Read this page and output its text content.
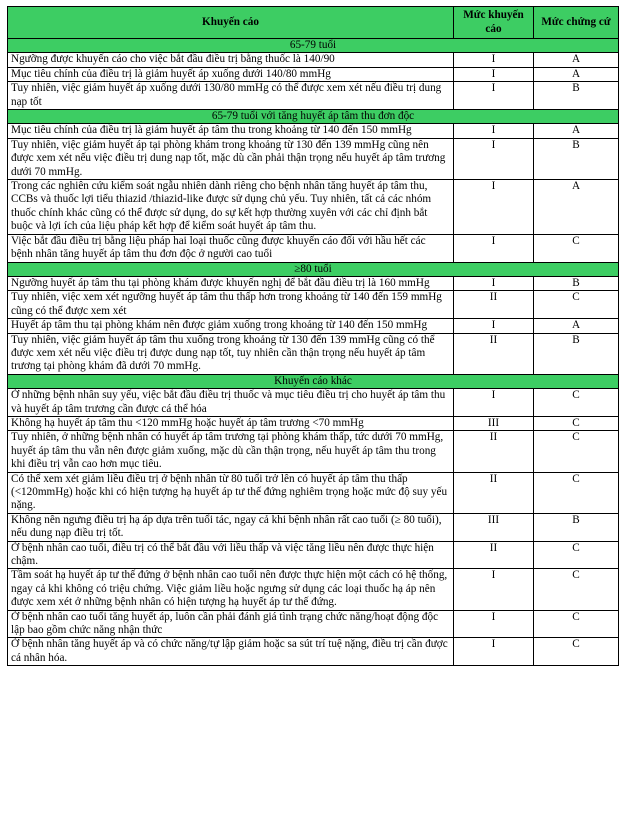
Khuyến cáo	Mức khuyến cáo	Mức chứng cứ
65-79 tuổi		
Ngưỡng được khuyến cáo cho việc bắt đầu điều trị bằng thuốc là 140/90	I	A
Mục tiêu chính của điều trị là giảm huyết áp xuống dưới 140/80 mmHg	I	A
Tuy nhiên, việc giảm huyết áp xuống dưới 130/80 mmHg có thể được xem xét nếu điều trị dung nạp tốt	I	B
65-79 tuổi với tăng huyết áp tâm thu đơn độc		
Mục tiêu chính của điều trị là giảm huyết áp tâm thu trong khoảng từ 140 đến 150 mmHg	I	A
Tuy nhiên, việc giảm huyết áp tại phòng khám trong khoảng từ 130 đến 139 mmHg cũng nên được xem xét nếu việc điều trị dung nạp tốt, mặc dù cần phải thận trọng nếu huyết áp tâm trương dưới 70 mmHg.	I	B
Trong các nghiên cứu kiểm soát ngẫu nhiên dành riêng cho bệnh nhân tăng huyết áp tâm thu, CCBs và thuốc lợi tiểu thiazid /thiazid-like được sử dụng chủ yếu. Tuy nhiên, tất cả các nhóm thuốc chính khác cũng có thể được sử dụng, do sự kết hợp thường xuyên với các chỉ định bắt buộc và lợi ích của liệu pháp kết hợp để kiểm soát huyết áp tâm thu.	I	A
Việc bắt đầu điều trị bằng liệu pháp hai loại thuốc cũng được khuyến cáo đối với hầu hết các bệnh nhân tăng huyết áp tâm thu đơn độc ở người cao tuổi	I	C
≥80 tuổi		
Ngưỡng huyết áp tâm thu tại phòng khám được khuyến nghị để bắt đầu điều trị là 160 mmHg	I	B
Tuy nhiên, việc xem xét ngưỡng huyết áp tâm thu thấp hơn trong khoảng từ 140 đến 159 mmHg cũng có thể được xem xét	II	C
Huyết áp tâm thu tại phòng khám nên được giảm xuống trong khoảng từ 140 đến 150 mmHg	I	A
Tuy nhiên, việc giảm huyết áp tâm thu xuống trong khoảng từ 130 đến 139 mmHg cũng có thể được xem xét nếu việc điều trị được dung nạp tốt, tuy nhiên cần thận trọng nếu huyết áp tâm trương tại phòng khám đã dưới 70 mmHg.	II	B
Khuyến cáo khác		
Ở những bệnh nhân suy yếu, việc bắt đầu điều trị thuốc và mục tiêu điều trị cho huyết áp tâm thu và huyết áp tâm trương cần được cá thể hóa	I	C
Không hạ huyết áp tâm thu <120 mmHg hoặc huyết áp tâm trương <70 mmHg	III	C
Tuy nhiên, ở những bệnh nhân có huyết áp tâm trương tại phòng khám thấp, tức dưới 70 mmHg, huyết áp tâm thu vẫn nên được giảm xuống, mặc dù cần thận trọng, nếu huyết áp tâm thu trong khi điều trị vẫn cao hơn mục tiêu.	II	C
Có thể xem xét giảm liều điều trị ở bệnh nhân từ 80 tuổi trở lên có huyết áp tâm thu thấp (<120mmHg) hoặc khi có hiện tượng hạ huyết áp tư thế đứng nghiêm trọng hoặc mức độ suy yếu nặng.	II	C
Không nên ngưng điều trị hạ áp dựa trên tuổi tác, ngay cả khi bệnh nhân rất cao tuổi (≥ 80 tuổi), nếu dung nạp điều trị tốt.	III	B
Ở bệnh nhân cao tuổi, điều trị có thể bắt đầu với liều thấp và việc tăng liều nên được thực hiện chậm.	II	C
Tầm soát hạ huyết áp tư thế đứng ở bệnh nhân cao tuổi nên được thực hiện một cách có hệ thống, ngay cả khi không có triệu chứng. Việc giảm liều hoặc ngưng sử dụng các loại thuốc hạ áp nên được xem xét ở những bệnh nhân có hiện tượng hạ huyết áp tư thế đứng.	I	C
Ở bệnh nhân cao tuổi tăng huyết áp, luôn cần phải đánh giá tình trạng chức năng/hoạt động độc lập bao gồm chức năng nhận thức	I	C
Ở bệnh nhân tăng huyết áp và có chức năng/tự lập giảm hoặc sa sút trí tuệ nặng, điều trị cần được cá nhân hóa.	I	C
